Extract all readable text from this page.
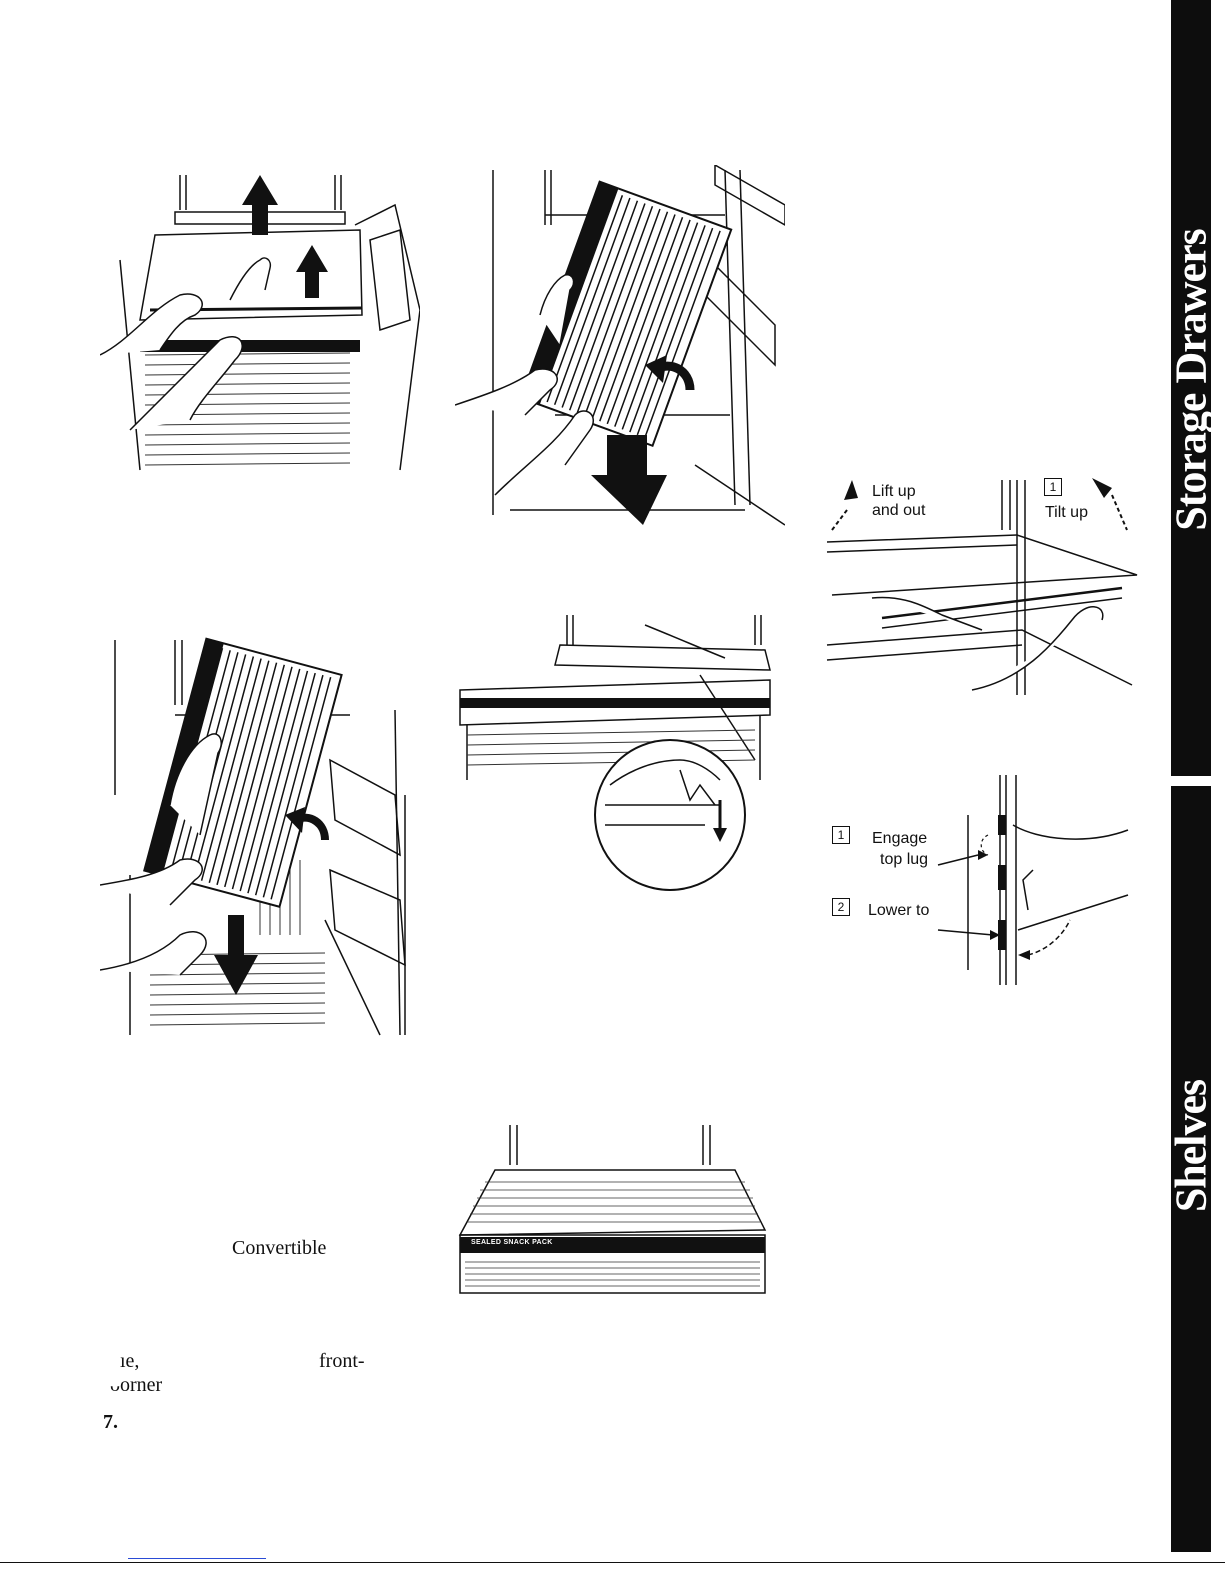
Storage Drawers
Shelves
Lift up
and out
1
Tilt up
1	Engage
top lug
2	Lower to
SEALED SNACK PACK
Convertible
ıe,	front-
ᴗorner
7.
